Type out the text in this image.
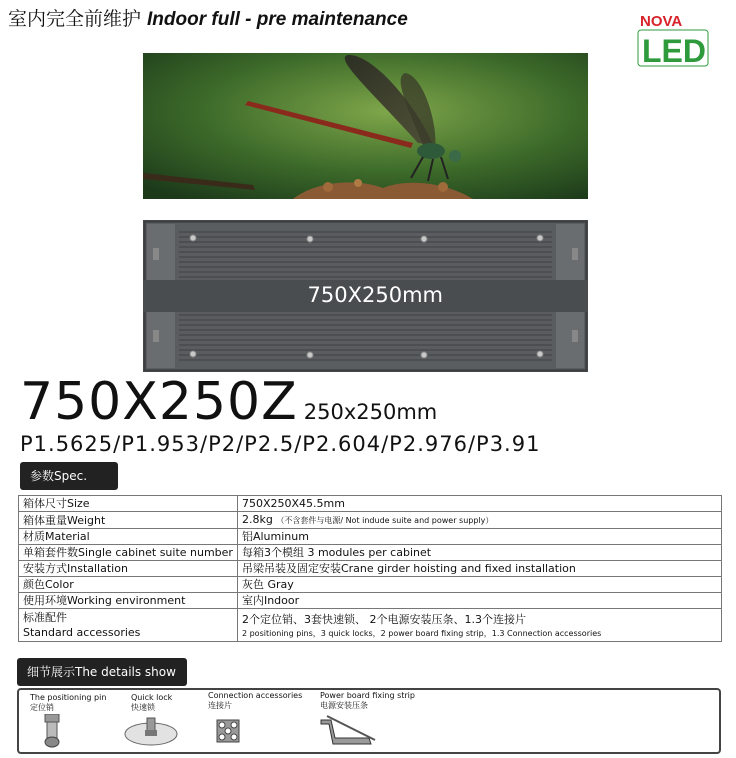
室内完全前维护 Indoor full - pre maintenance	NOVA
LED
750X250mm
750X250Z 250x250mm
P1.5625/P1.953/P2/P2.5/P2.604/P2.976/P3.91
参数Spec.
箱体尺寸Size	750X250X45.5mm
箱体重量Weight	2.8kg （不含套件与电源/ Not indude suite and power supply）
材质Material	铝Aluminum
单箱套件数Single cabinet suite number	每箱3个模组 3 modules per cabinet
安装方式Installation	吊梁吊装及固定安装Crane girder hoisting and fixed installation
颜色Color	灰色 Gray
使用环境Working environment	室内Indoor

标准配件
Standard accessories	2个定位销、3套快速锁、 2个电源安装压条、1.3个连接片
2 positioning pins，3 quick locks，2 power board fixing strip，1.3 Connection accessories
细节展示The details show
The positioning pin
定位销
Quick lock
快速锁
Connection accessories
连接片
Power board fixing strip
电源安装压条
